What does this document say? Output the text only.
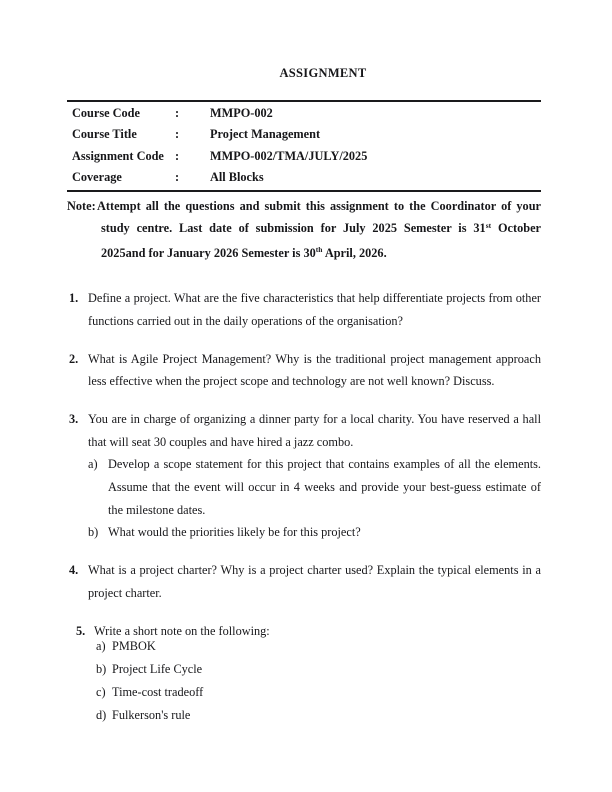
ASSIGNMENT
Course Code	:	MMPO-002
Course Title	:	Project Management
Assignment Code :	MMPO-002/TMA/JULY/2025
Coverage	:	All Blocks
Note: Attempt all the questions and submit this assignment to the Coordinator of your study centre. Last date of submission for July 2025 Semester is 31st October 2025and for January 2026 Semester is 30th April, 2026.
1. Define a project. What are the five characteristics that help differentiate projects from other functions carried out in the daily operations of the organisation?
2. What is Agile Project Management? Why is the traditional project management approach less effective when the project scope and technology are not well known? Discuss.
3. You are in charge of organizing a dinner party for a local charity. You have reserved a hall that will seat 30 couples and have hired a jazz combo.
a) Develop a scope statement for this project that contains examples of all the elements. Assume that the event will occur in 4 weeks and provide your best-guess estimate of the milestone dates.
b) What would the priorities likely be for this project?
4. What is a project charter? Why is a project charter used? Explain the typical elements in a project charter.
5. Write a short note on the following:
a) PMBOK
b) Project Life Cycle
c) Time-cost tradeoff
d) Fulkerson's rule
